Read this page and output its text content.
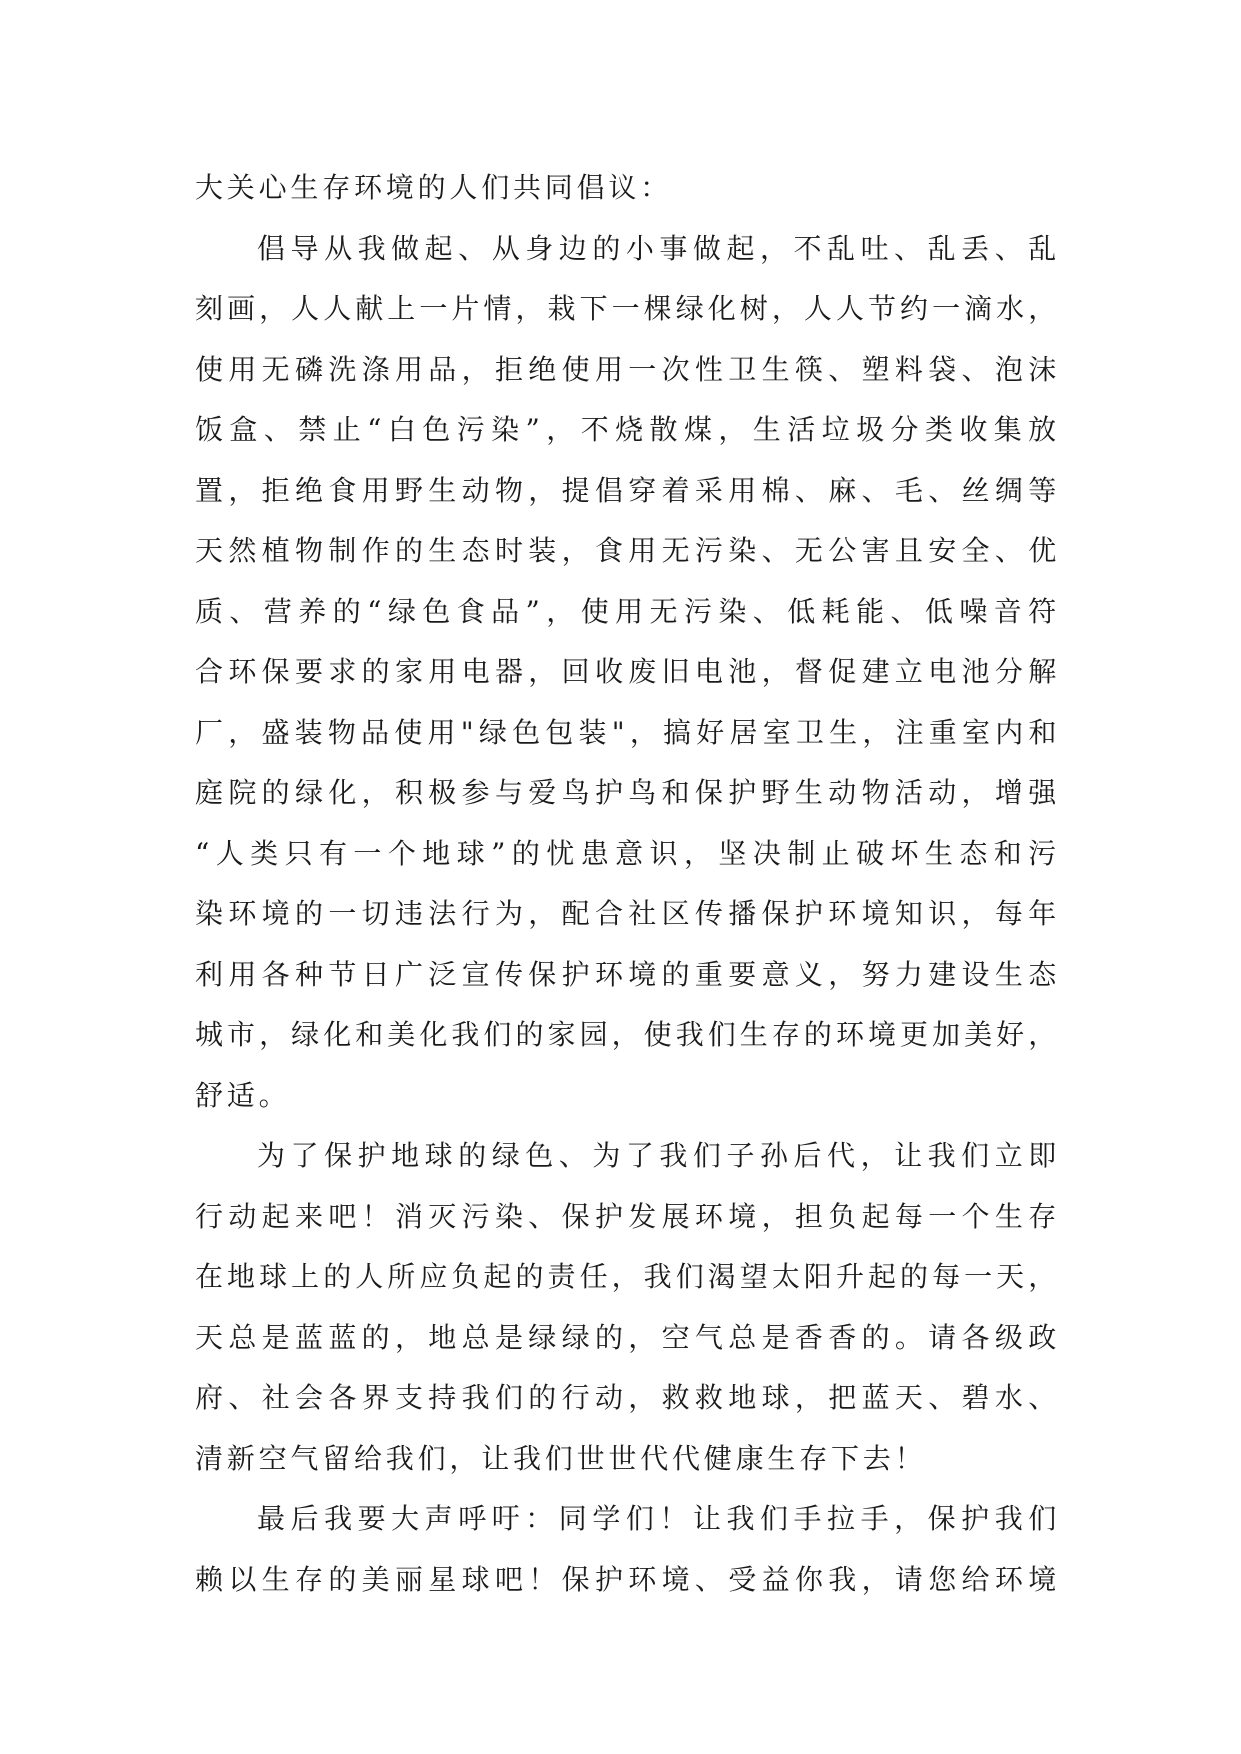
大关心生存环境的人们共同倡议：
倡 导 从 我 做 起 、 从 身 边 的 小 事 做 起 ， 不 乱 吐 、 乱 丢 、 乱
刻 画 ， 人 人 献 上 一 片 情 ， 栽 下 一 棵 绿 化 树 ， 人 人 节 约 一 滴 水 ，
使 用 无 磷 洗 涤 用 品 ， 拒 绝 使 用 一 次 性 卫 生 筷 、 塑 料 袋 、 泡 沫
饭 盒 、 禁 止 “ 白 色 污 染 ” ， 不 烧 散 煤 ， 生 活 垃 圾 分 类 收 集 放
置 ， 拒 绝 食 用 野 生 动 物 ， 提 倡 穿 着 采 用 棉 、 麻 、 毛 、 丝 绸 等
天 然 植 物 制 作 的 生 态 时 装 ， 食 用 无 污 染 、 无 公 害 且 安 全 、 优
质 、 营 养 的 “ 绿 色 食 品 ” ， 使 用 无 污 染 、 低 耗 能 、 低 噪 音 符
合 环 保 要 求 的 家 用 电 器 ， 回 收 废 旧 电 池 ， 督 促 建 立 电 池 分 解
厂 ， 盛 装 物 品 使 用 " 绿 色 包 装 " ， 搞 好 居 室 卫 生 ， 注 重 室 内 和
庭 院 的 绿 化 ， 积 极 参 与 爱 鸟 护 鸟 和 保 护 野 生 动 物 活 动 ， 增 强
“ 人 类 只 有 一 个 地 球 ” 的 忧 患 意 识 ， 坚 决 制 止 破 坏 生 态 和 污
染 环 境 的 一 切 违 法 行 为 ， 配 合 社 区 传 播 保 护 环 境 知 识 ， 每 年
利 用 各 种 节 日 广 泛 宣 传 保 护 环 境 的 重 要 意 义 ， 努 力 建 设 生 态
城 市 ， 绿 化 和 美 化 我 们 的 家 园 ， 使 我 们 生 存 的 环 境 更 加 美 好 ，
舒适。
为 了 保 护 地 球 的 绿 色 、 为 了 我 们 子 孙 后 代 ， 让 我 们 立 即
行 动 起 来 吧 ！ 消 灭 污 染 、 保 护 发 展 环 境 ， 担 负 起 每 一 个 生 存
在 地 球 上 的 人 所 应 负 起 的 责 任 ， 我 们 渴 望 太 阳 升 起 的 每 一 天 ，
天 总 是 蓝 蓝 的 ， 地 总 是 绿 绿 的 ， 空 气 总 是 香 香 的 。 请 各 级 政
府 、 社 会 各 界 支 持 我 们 的 行 动 ， 救 救 地 球 ， 把 蓝 天 、 碧 水 、
清新空气留给我们，让我们世世代代健康生存下去！
最 后 我 要 大 声 呼 吁 ： 同 学 们 ！ 让 我 们 手 拉 手 ， 保 护 我 们
赖 以 生 存 的 美 丽 星 球 吧 ！ 保 护 环 境 、 受 益 你 我 ， 请 您 给 环 境
